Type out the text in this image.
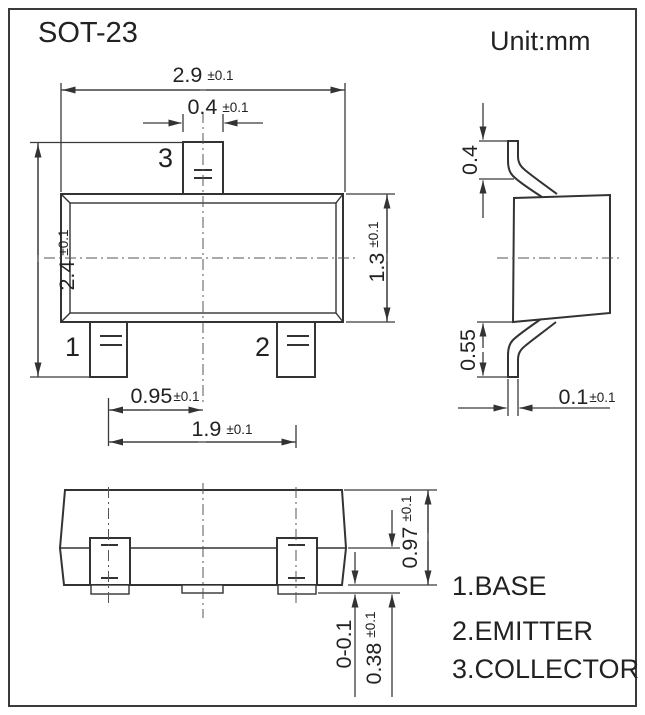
SOT-23	Unit:mm
2.9 ±0.1
0.4 ±0.1
$2.4^{\pm 0.1}$
$1.3^{\pm 0.1}$
0.95±0.1
1.9 ±0.1
3
1	2
0.4
0.55
0.1±0.1
$0.97^{\pm 0.1}$
$0.38^{\pm 0.1}$
0-0.1
1.BASE
2.EMITTER
3.COLLECTOR
